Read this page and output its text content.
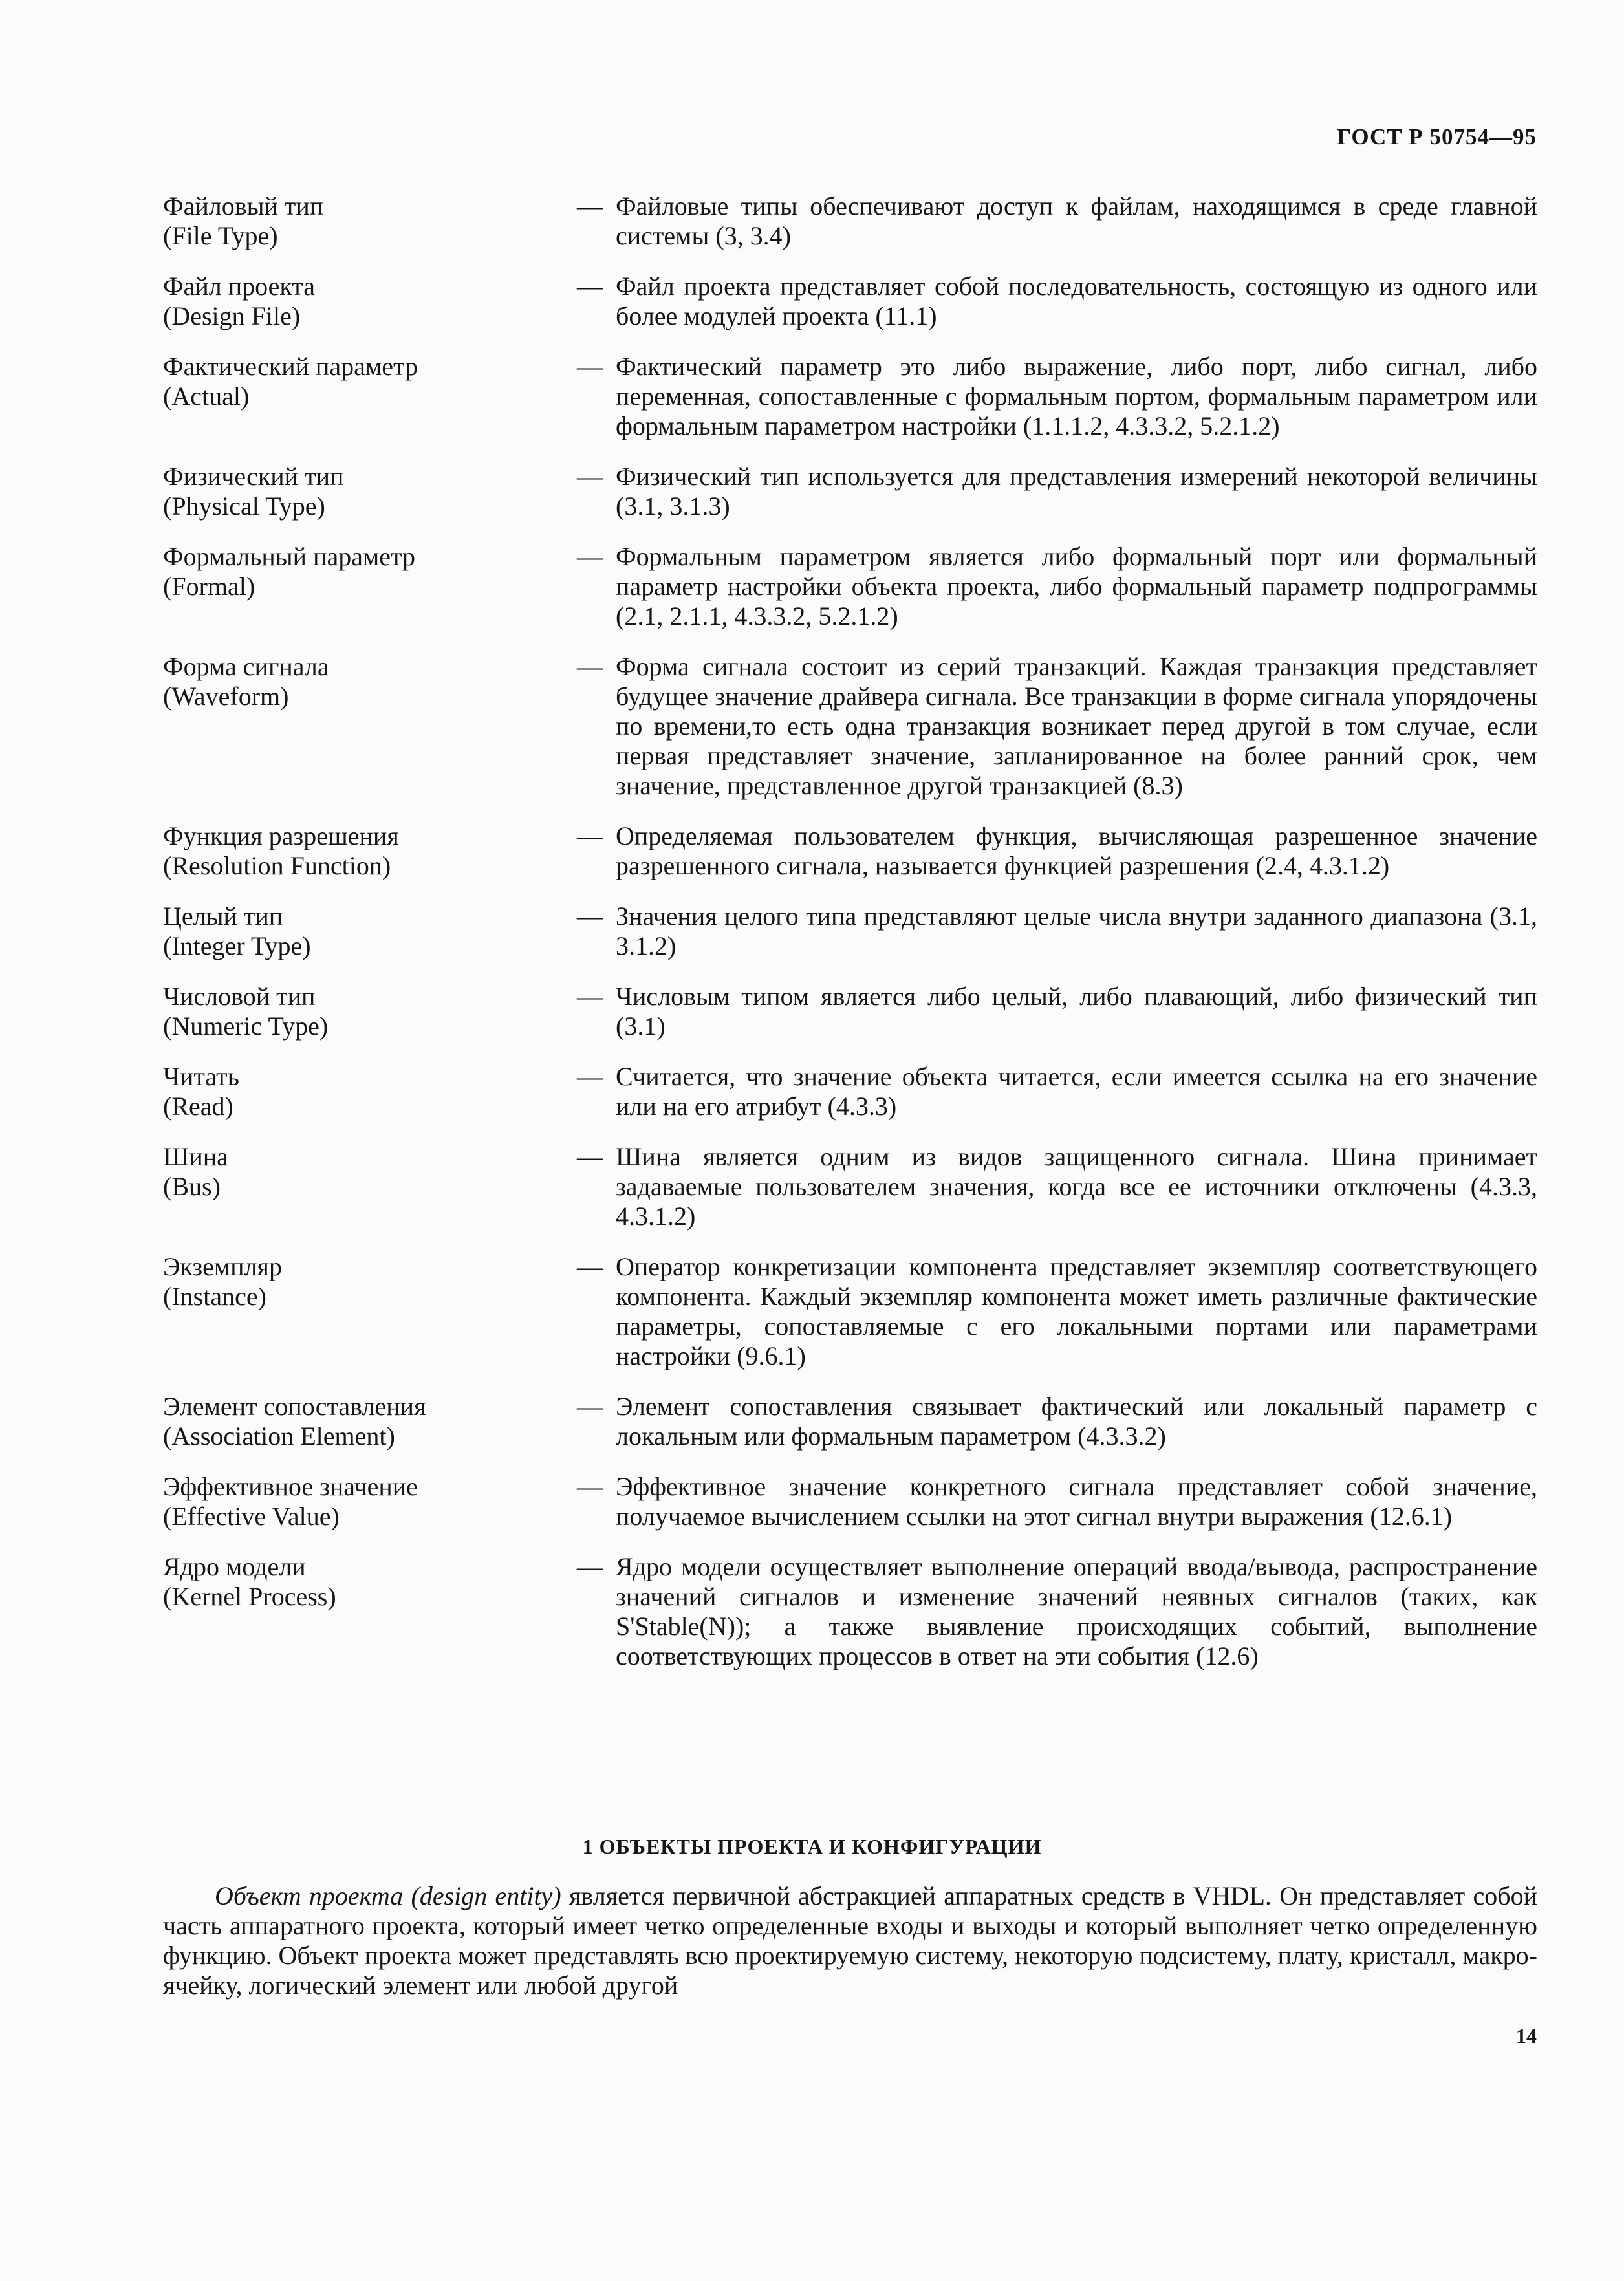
ГОСТ Р 50754—95
Файловый тип
(File Type)
— Файловые типы обеспечивают доступ к файлам, находящимся в среде главной системы (3, 3.4)
Файл проекта
(Design File)
— Файл проекта представляет собой последовательность, состоящую из одного или более модулей проекта (11.1)
Фактический параметр
(Actual)
— Фактический параметр это либо выражение, либо порт, либо сигнал, либо переменная, сопоставленные с формальным портом, формальным параметром или формальным параметром настройки (1.1.1.2, 4.3.3.2, 5.2.1.2)
Физический тип
(Physical Type)
— Физический тип используется для представления измерений некоторой величины (3.1, 3.1.3)
Формальный параметр
(Formal)
— Формальным параметром является либо формальный порт или формальный параметр настройки объекта проекта, либо формальный параметр подпрограммы (2.1, 2.1.1, 4.3.3.2, 5.2.1.2)
Форма сигнала
(Waveform)
— Форма сигнала состоит из серий транзакций. Каждая транзакция представляет будущее значение драйвера сигнала. Все транзакции в форме сигнала упорядочены по времени,то есть одна транзакция возникает перед другой в том случае, если первая представляет значение, запланированное на более ранний срок, чем значение, представленное другой транзакцией (8.3)
Функция разрешения
(Resolution Function)
— Определяемая пользователем функция, вычисляющая разрешенное значение разрешенного сигнала, называется функцией разрешения (2.4, 4.3.1.2)
Целый тип
(Integer Type)
— Значения целого типа представляют целые числа внутри заданного диапазона (3.1, 3.1.2)
Числовой тип
(Numeric Type)
— Числовым типом является либо целый, либо плавающий, либо физический тип (3.1)
Читать
(Read)
— Считается, что значение объекта читается, если имеется ссылка на его значение или на его атрибут (4.3.3)
Шина
(Bus)
— Шина является одним из видов защищенного сигнала. Шина принимает задаваемые пользователем значения, когда все ее источники отключены (4.3.3, 4.3.1.2)
Экземпляр
(Instance)
— Оператор конкретизации компонента представляет экземпляр соответствующего компонента. Каждый экземпляр компонента может иметь различные фактические параметры, сопоставляемые с его локальными портами или параметрами настройки (9.6.1)
Элемент сопоставления
(Association Element)
— Элемент сопоставления связывает фактический или локальный параметр с локальным или формальным параметром (4.3.3.2)
Эффективное значение
(Effective Value)
— Эффективное значение конкретного сигнала представляет собой значение, получаемое вычислением ссылки на этот сигнал внутри выражения (12.6.1)
Ядро модели
(Kernel Process)
— Ядро модели осуществляет выполнение операций ввода/вывода, распространение значений сигналов и изменение значений неявных сигналов (таких, как S'Stable(N)); а также выявление происходящих событий, выполнение соответствующих процессов в ответ на эти события (12.6)
1 ОБЪЕКТЫ ПРОЕКТА И КОНФИГУРАЦИИ
Объект проекта (design entity) является первичной абстракцией аппаратных средств в VHDL. Он представляет собой часть аппаратного проекта, который имеет четко определенные входы и выходы и который выполняет четко определенную функцию. Объект проекта может представлять всю проектируемую систему, некоторую подсистему, плату, кристалл, макро-ячейку, логический элемент или любой другой
14
